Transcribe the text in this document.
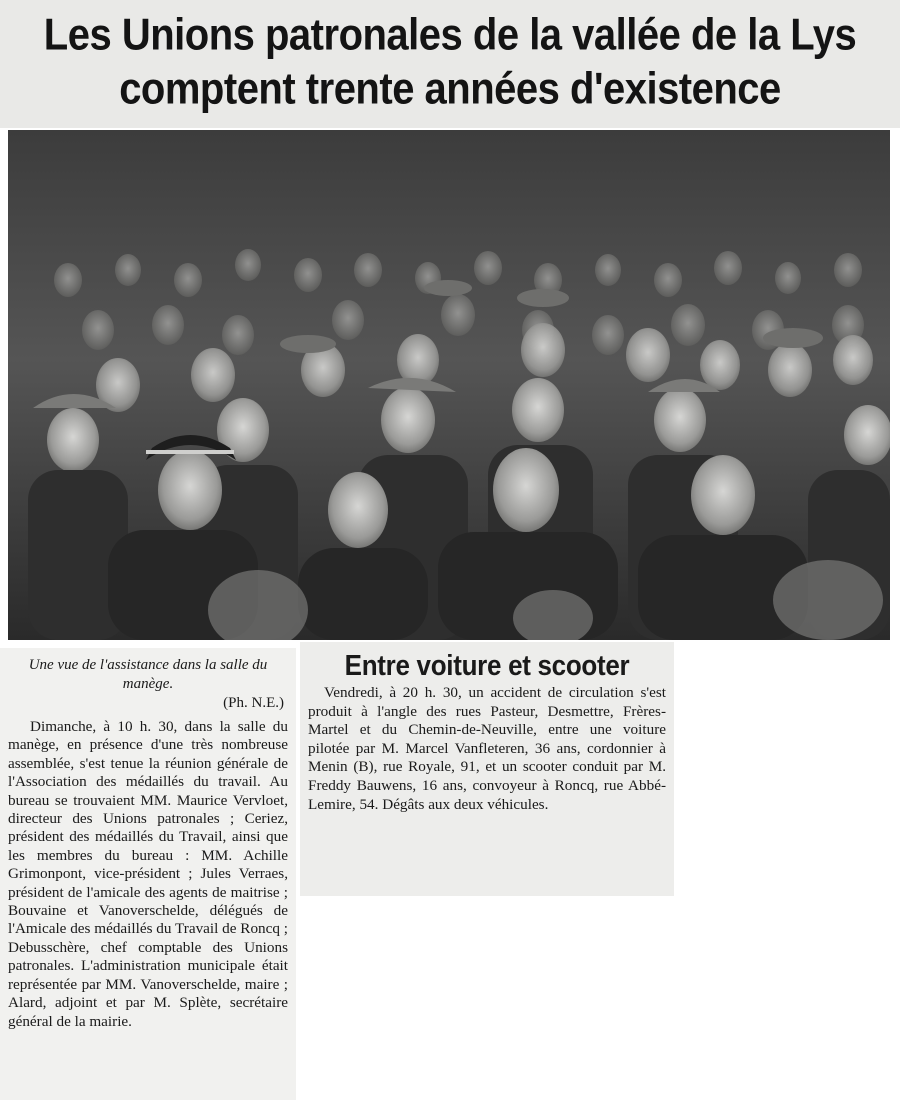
Les Unions patronales de la vallée de la Lys
comptent trente années d'existence
Une vue de l'assistance dans la salle du manège.
(Ph. N.E.)

Dimanche, à 10 h. 30, dans la salle du manège, en présence d'une très nombreuse assemblée, s'est tenue la réunion générale de l'Association des médaillés du travail. Au bureau se trouvaient MM. Maurice Vervloet, directeur des Unions patronales ; Ceriez, président des médaillés du Travail, ainsi que les membres du bureau : MM. Achille Grimonpont, vice-président ; Jules Verraes, président de l'amicale des agents de maitrise ; Bouvaine et Vanoverschelde, délégués de l'Amicale des médaillés du Travail de Roncq ; Debusschère, chef comptable des Unions patronales. L'administration municipale était représentée par MM. Vanoverschelde, maire ; Alard, adjoint et par M. Splète, secrétaire général de la mairie.

Entre voiture et scooter

Vendredi, à 20 h. 30, un accident de circulation s'est produit à l'angle des rues Pasteur, Desmettre, Frères-Martel et du Chemin-de-Neuville, entre une voiture pilotée par M. Marcel Vanfleteren, 36 ans, cordonnier à Menin (B), rue Royale, 91, et un scooter conduit par M. Freddy Bauwens, 16 ans, convoyeur à Roncq, rue Abbé-Lemire, 54. Dégâts aux deux véhicules.
